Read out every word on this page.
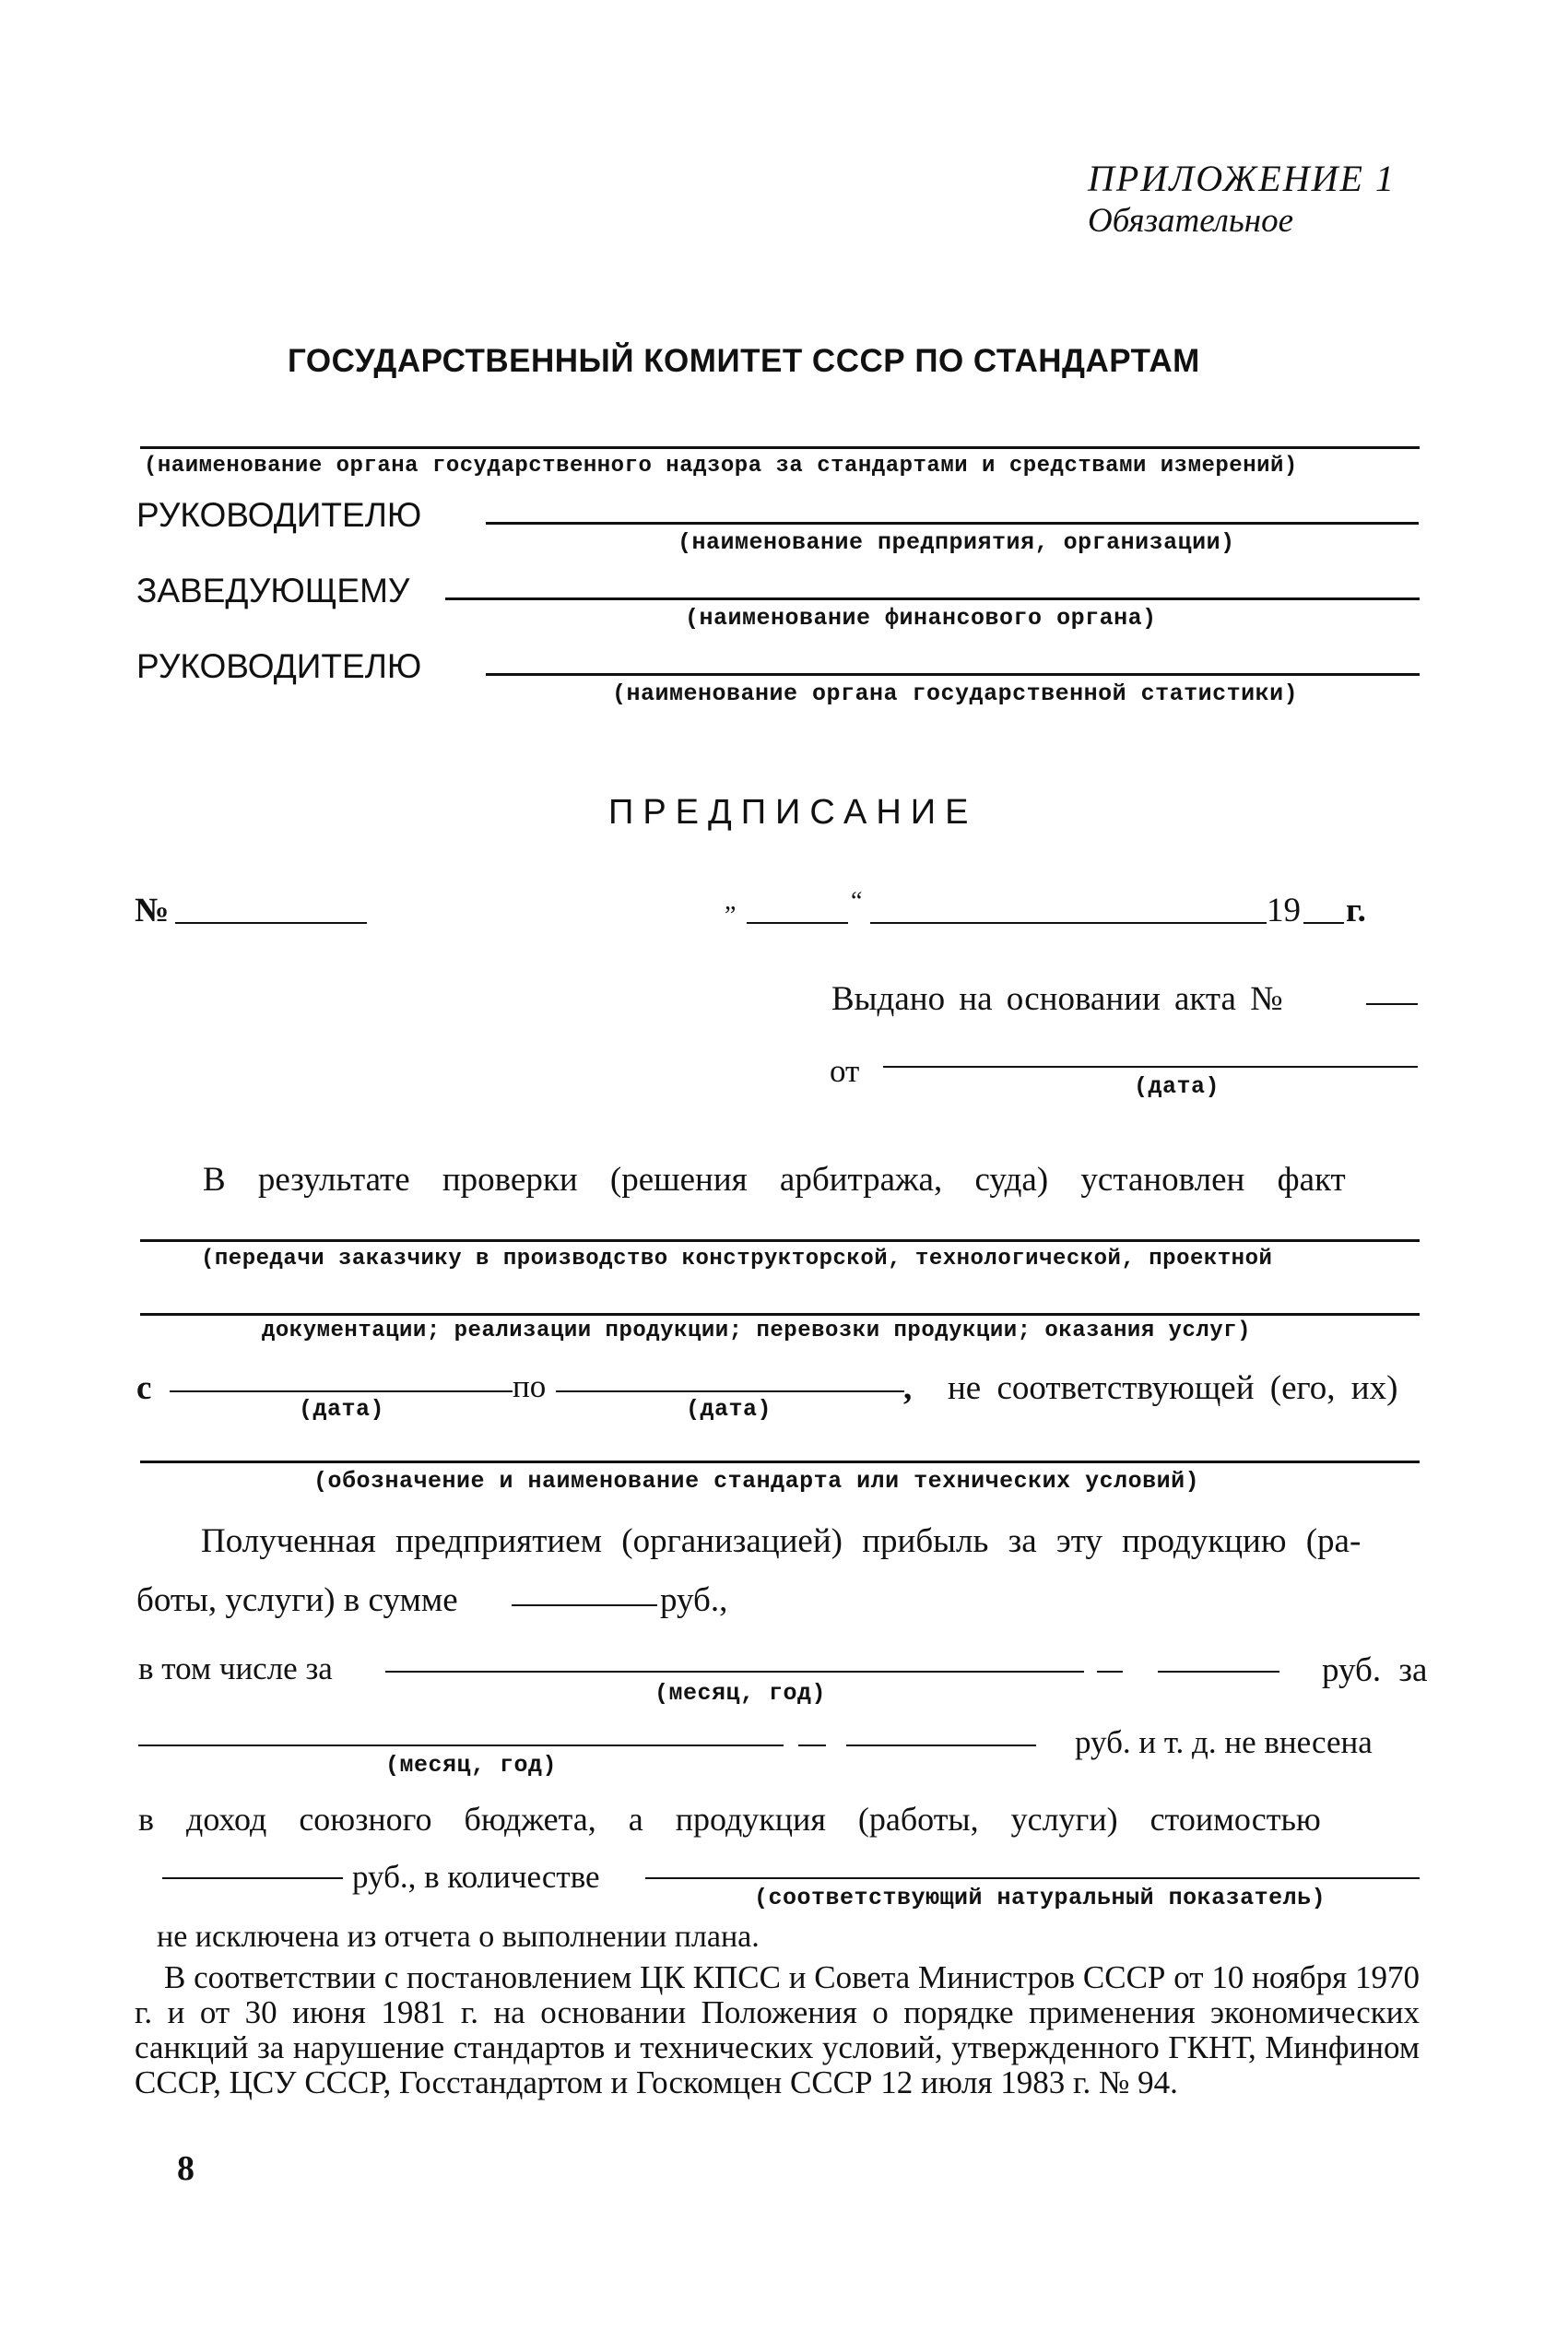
ПРИЛОЖЕНИЕ 1
Обязательное
ГОСУДАРСТВЕННЫЙ КОМИТЕТ СССР ПО СТАНДАРТАМ
(наименование органа государственного надзора за стандартами и средствами измерений)
РУКОВОДИТЕЛЮ
(наименование предприятия, организации)
ЗАВЕДУЮЩЕМУ
(наименование финансового органа)
РУКОВОДИТЕЛЮ
(наименование органа государственной статистики)
ПРЕДПИСАНИЕ
№	„	“	19 г.
Выдано на основании акта №
от	(дата)
В результате проверки (решения арбитража, суда) установлен факт
(передачи заказчику в производство конструкторской, технологической, проектной
документации; реализации продукции; перевозки продукции; оказания услуг)
с
(дата)
по
(дата)
, не соответствующей (его, их)
(обозначение и наименование стандарта или технических условий)
Полученная предприятием (организацией) прибыль за эту продукцию (ра-
боты, услуги) в сумме	руб.,
в том числе за
(месяц, год)
руб. за
(месяц, год)
руб. и т. д. не внесена
в доход союзного бюджета, а продукция (работы, услуги) стоимостью
руб., в количестве
(соответствующий натуральный показатель)
не исключена из отчета о выполнении плана.
В соответствии с постановлением ЦК КПСС и Совета Министров СССР от 10 ноября 1970 г. и от 30 июня 1981 г. на основании Положения о порядке применения экономических санкций за нарушение стандартов и технических условий, утвержденного ГКНТ, Минфином СССР, ЦСУ СССР, Госстандартом и Госкомцен СССР 12 июля 1983 г. № 94.
8
